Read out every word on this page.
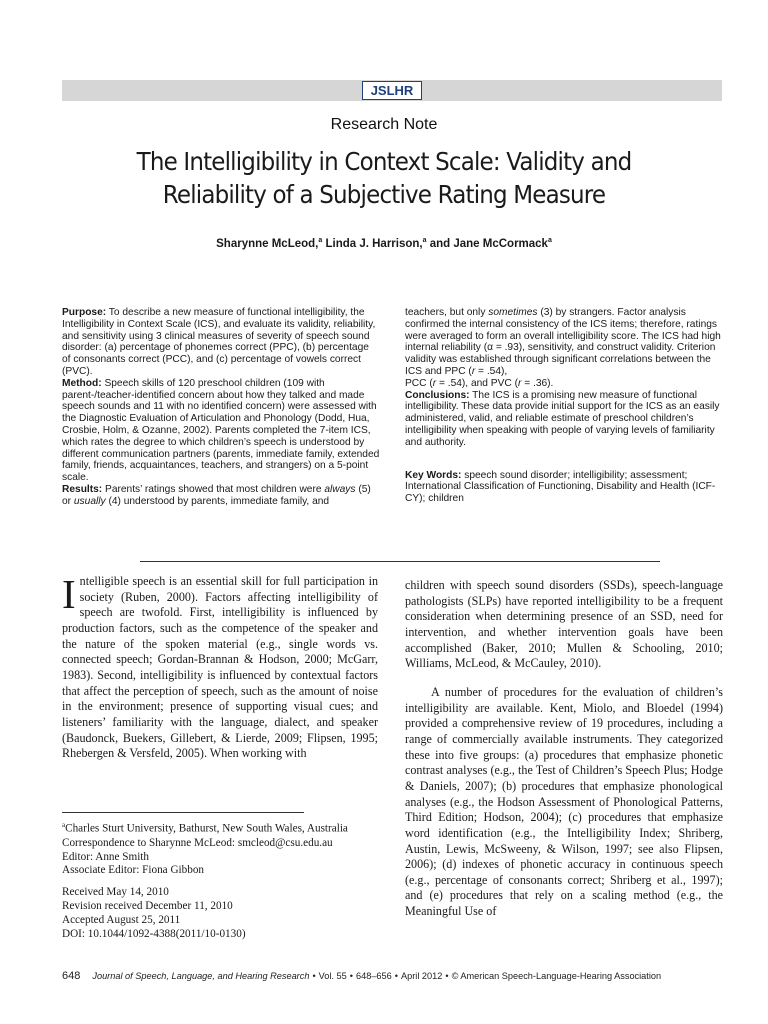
JSLHR
Research Note
The Intelligibility in Context Scale: Validity and
Reliability of a Subjective Rating Measure
Sharynne McLeod,$^a$ Linda J. Harrison,$^a$ and Jane McCormack$^a$

Purpose: To describe a new measure of functional intelligibility, the Intelligibility in Context Scale (ICS), and evaluate its validity, reliability, and sensitivity using 3 clinical measures of severity of speech sound disorder: (a) percentage of phonemes correct (PPC), (b) percentage of consonants correct (PCC), and (c) percentage of vowels correct (PVC).

Method: Speech skills of 120 preschool children (109 with parent-/teacher-identified concern about how they talked and made speech sounds and 11 with no identified concern) were assessed with the Diagnostic Evaluation of Articulation and Phonology (Dodd, Hua, Crosbie, Holm, & Ozanne, 2002). Parents completed the 7-item ICS, which rates the degree to which children’s speech is understood by different communication partners (parents, immediate family, extended family, friends, acquaintances, teachers, and strangers) on a 5-point scale.

Results: Parents’ ratings showed that most children were always (5) or usually (4) understood by parents, immediate family, and

teachers, but only sometimes (3) by strangers. Factor analysis confirmed the internal consistency of the ICS items; therefore, ratings were averaged to form an overall intelligibility score. The ICS had high internal reliability (α = .93), sensitivity, and construct validity. Criterion validity was established through significant correlations between the ICS and PPC (r = .54),
PCC (r = .54), and PVC (r = .36).

Conclusions: The ICS is a promising new measure of functional intelligibility. These data provide initial support for the ICS as an easily administered, valid, and reliable estimate of preschool children’s intelligibility when speaking with people of varying levels of familiarity and authority.

Key Words: speech sound disorder; intelligibility; assessment; International Classification of Functioning, Disability and Health (ICF-CY); children

Intelligible speech is an essential skill for full participation in society (Ruben, 2000). Factors affecting intelligibility of speech are twofold. First, intelligibility is influenced by production factors, such as the competence of the speaker and the nature of the spoken material (e.g., single words vs. connected speech; Gordan-Brannan & Hodson, 2000; McGarr, 1983). Second, intelligibility is influenced by contextual factors that affect the perception of speech, such as the amount of noise in the environment; presence of supporting visual cues; and listeners’ familiarity with the language, dialect, and speaker (Baudonck, Buekers, Gillebert, & Lierde, 2009; Flipsen, 1995; Rhebergen & Versfeld, 2005). When working with

$^a$Charles Sturt University, Bathurst, New South Wales, Australia

Correspondence to Sharynne McLeod: smcleod@csu.edu.au

Editor: Anne Smith

Associate Editor: Fiona Gibbon

Received May 14, 2010

Revision received December 11, 2010

Accepted August 25, 2011

DOI: 10.1044/1092-4388(2011/10-0130)

children with speech sound disorders (SSDs), speech-language pathologists (SLPs) have reported intelligibility to be a frequent consideration when determining presence of an SSD, need for intervention, and whether intervention goals have been accomplished (Baker, 2010; Mullen & Schooling, 2010; Williams, McLeod, & McCauley, 2010).

A number of procedures for the evaluation of children’s intelligibility are available. Kent, Miolo, and Bloedel (1994) provided a comprehensive review of 19 procedures, including a range of commercially available instruments. They categorized these into five groups: (a) procedures that emphasize phonetic contrast analyses (e.g., the Test of Children’s Speech Plus; Hodge & Daniels, 2007); (b) procedures that emphasize phonological analyses (e.g., the Hodson Assessment of Phonological Patterns, Third Edition; Hodson, 2004); (c) procedures that emphasize word identification (e.g., the Intelligibility Index; Shriberg, Austin, Lewis, McSweeny, & Wilson, 1997; see also Flipsen, 2006); (d) indexes of phonetic accuracy in continuous speech (e.g., percentage of consonants correct; Shriberg et al., 1997); and (e) procedures that rely on a scaling method (e.g., the Meaningful Use of

648 Journal of Speech, Language, and Hearing Research • Vol. 55 • 648–656 • April 2012 • © American Speech-Language-Hearing Association
